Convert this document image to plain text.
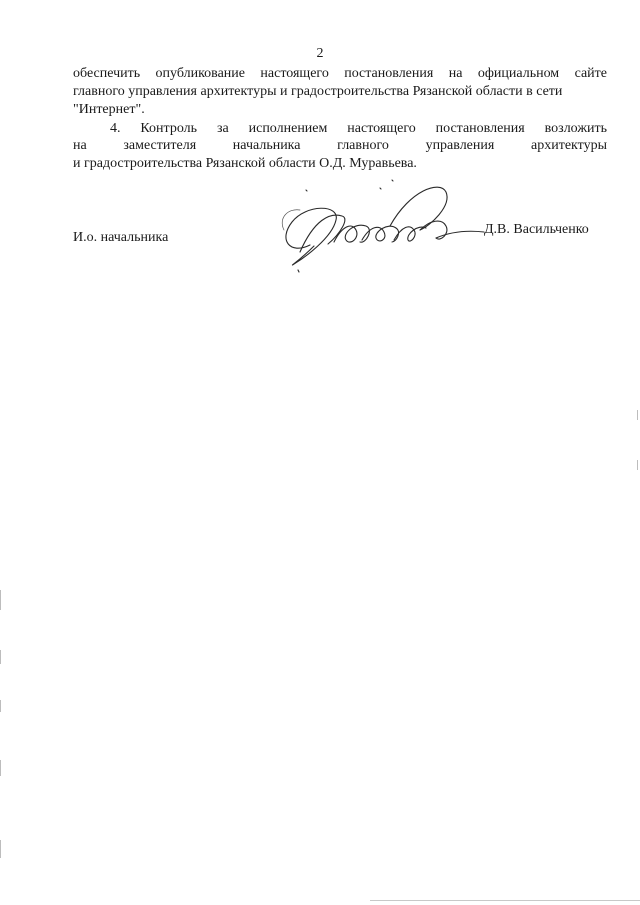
2
обеспечить опубликование настоящего постановления на официальном сайте
главного управления архитектуры и градостроительства Рязанской области в сети
"Интернет".
4. Контроль за исполнением настоящего постановления возложить
на заместителя начальника главного управления архитектуры
и градостроительства Рязанской области О.Д. Муравьева.
И.о. начальника
Д.В. Васильченко
